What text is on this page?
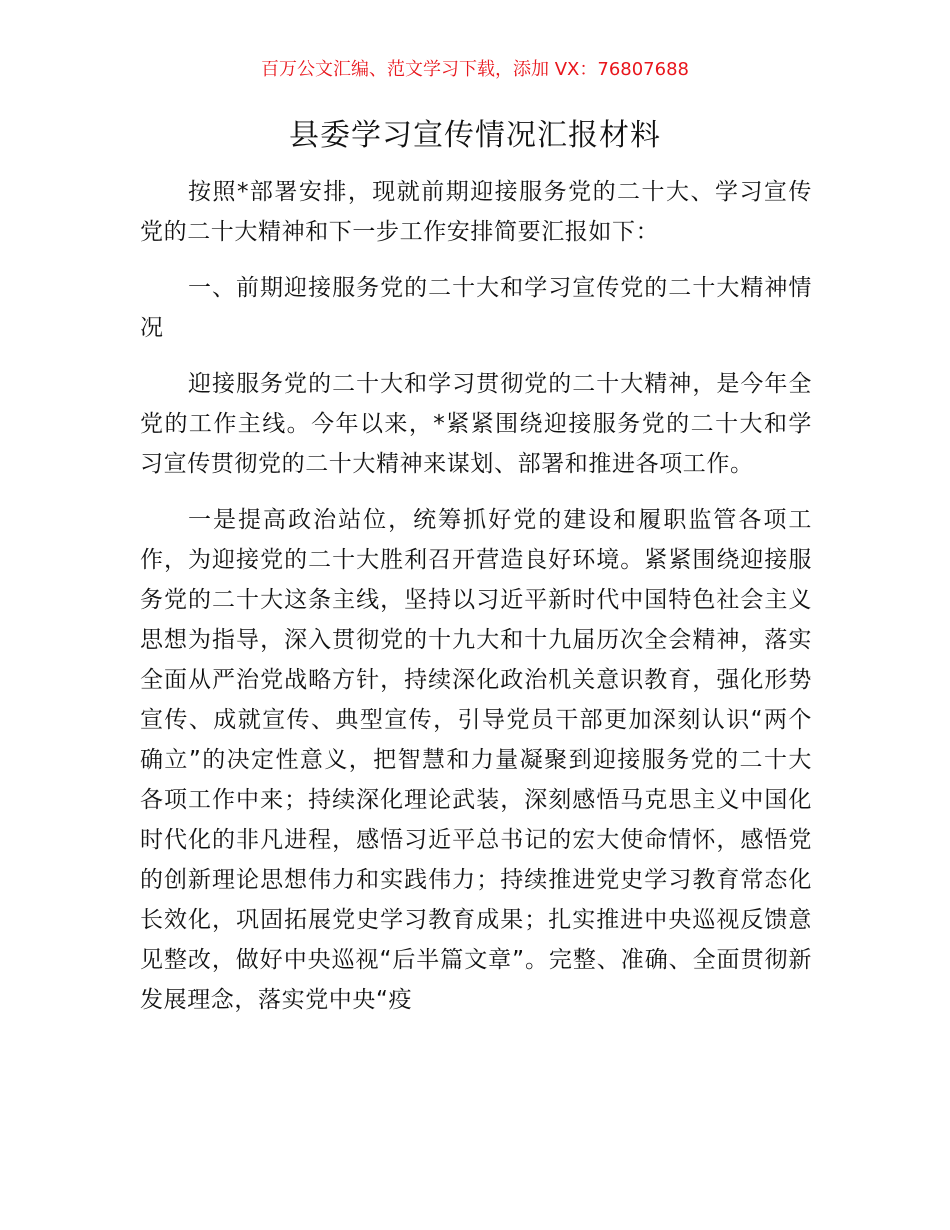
百万公文汇编、范文学习下载，添加 VX：76807688
县委学习宣传情况汇报材料

按照*部署安排，现就前期迎接服务党的二十大、学习宣传党的二十大精神和下一步工作安排简要汇报如下：

一、前期迎接服务党的二十大和学习宣传党的二十大精神情况

迎接服务党的二十大和学习贯彻党的二十大精神，是今年全党的工作主线。今年以来，*紧紧围绕迎接服务党的二十大和学习宣传贯彻党的二十大精神来谋划、部署和推进各项工作。

一是提高政治站位，统筹抓好党的建设和履职监管各项工作，为迎接党的二十大胜利召开营造良好环境。紧紧围绕迎接服务党的二十大这条主线，坚持以习近平新时代中国特色社会主义思想为指导，深入贯彻党的十九大和十九届历次全会精神，落实全面从严治党战略方针，持续深化政治机关意识教育，强化形势宣传、成就宣传、典型宣传，引导党员干部更加深刻认识“两个确立”的决定性意义，把智慧和力量凝聚到迎接服务党的二十大各项工作中来；持续深化理论武装，深刻感悟马克思主义中国化时代化的非凡进程，感悟习近平总书记的宏大使命情怀，感悟党的创新理论思想伟力和实践伟力；持续推进党史学习教育常态化长效化，巩固拓展党史学习教育成果；扎实推进中央巡视反馈意见整改，做好中央巡视“后半篇文章”。完整、准确、全面贯彻新发展理念，落实党中央“疫
